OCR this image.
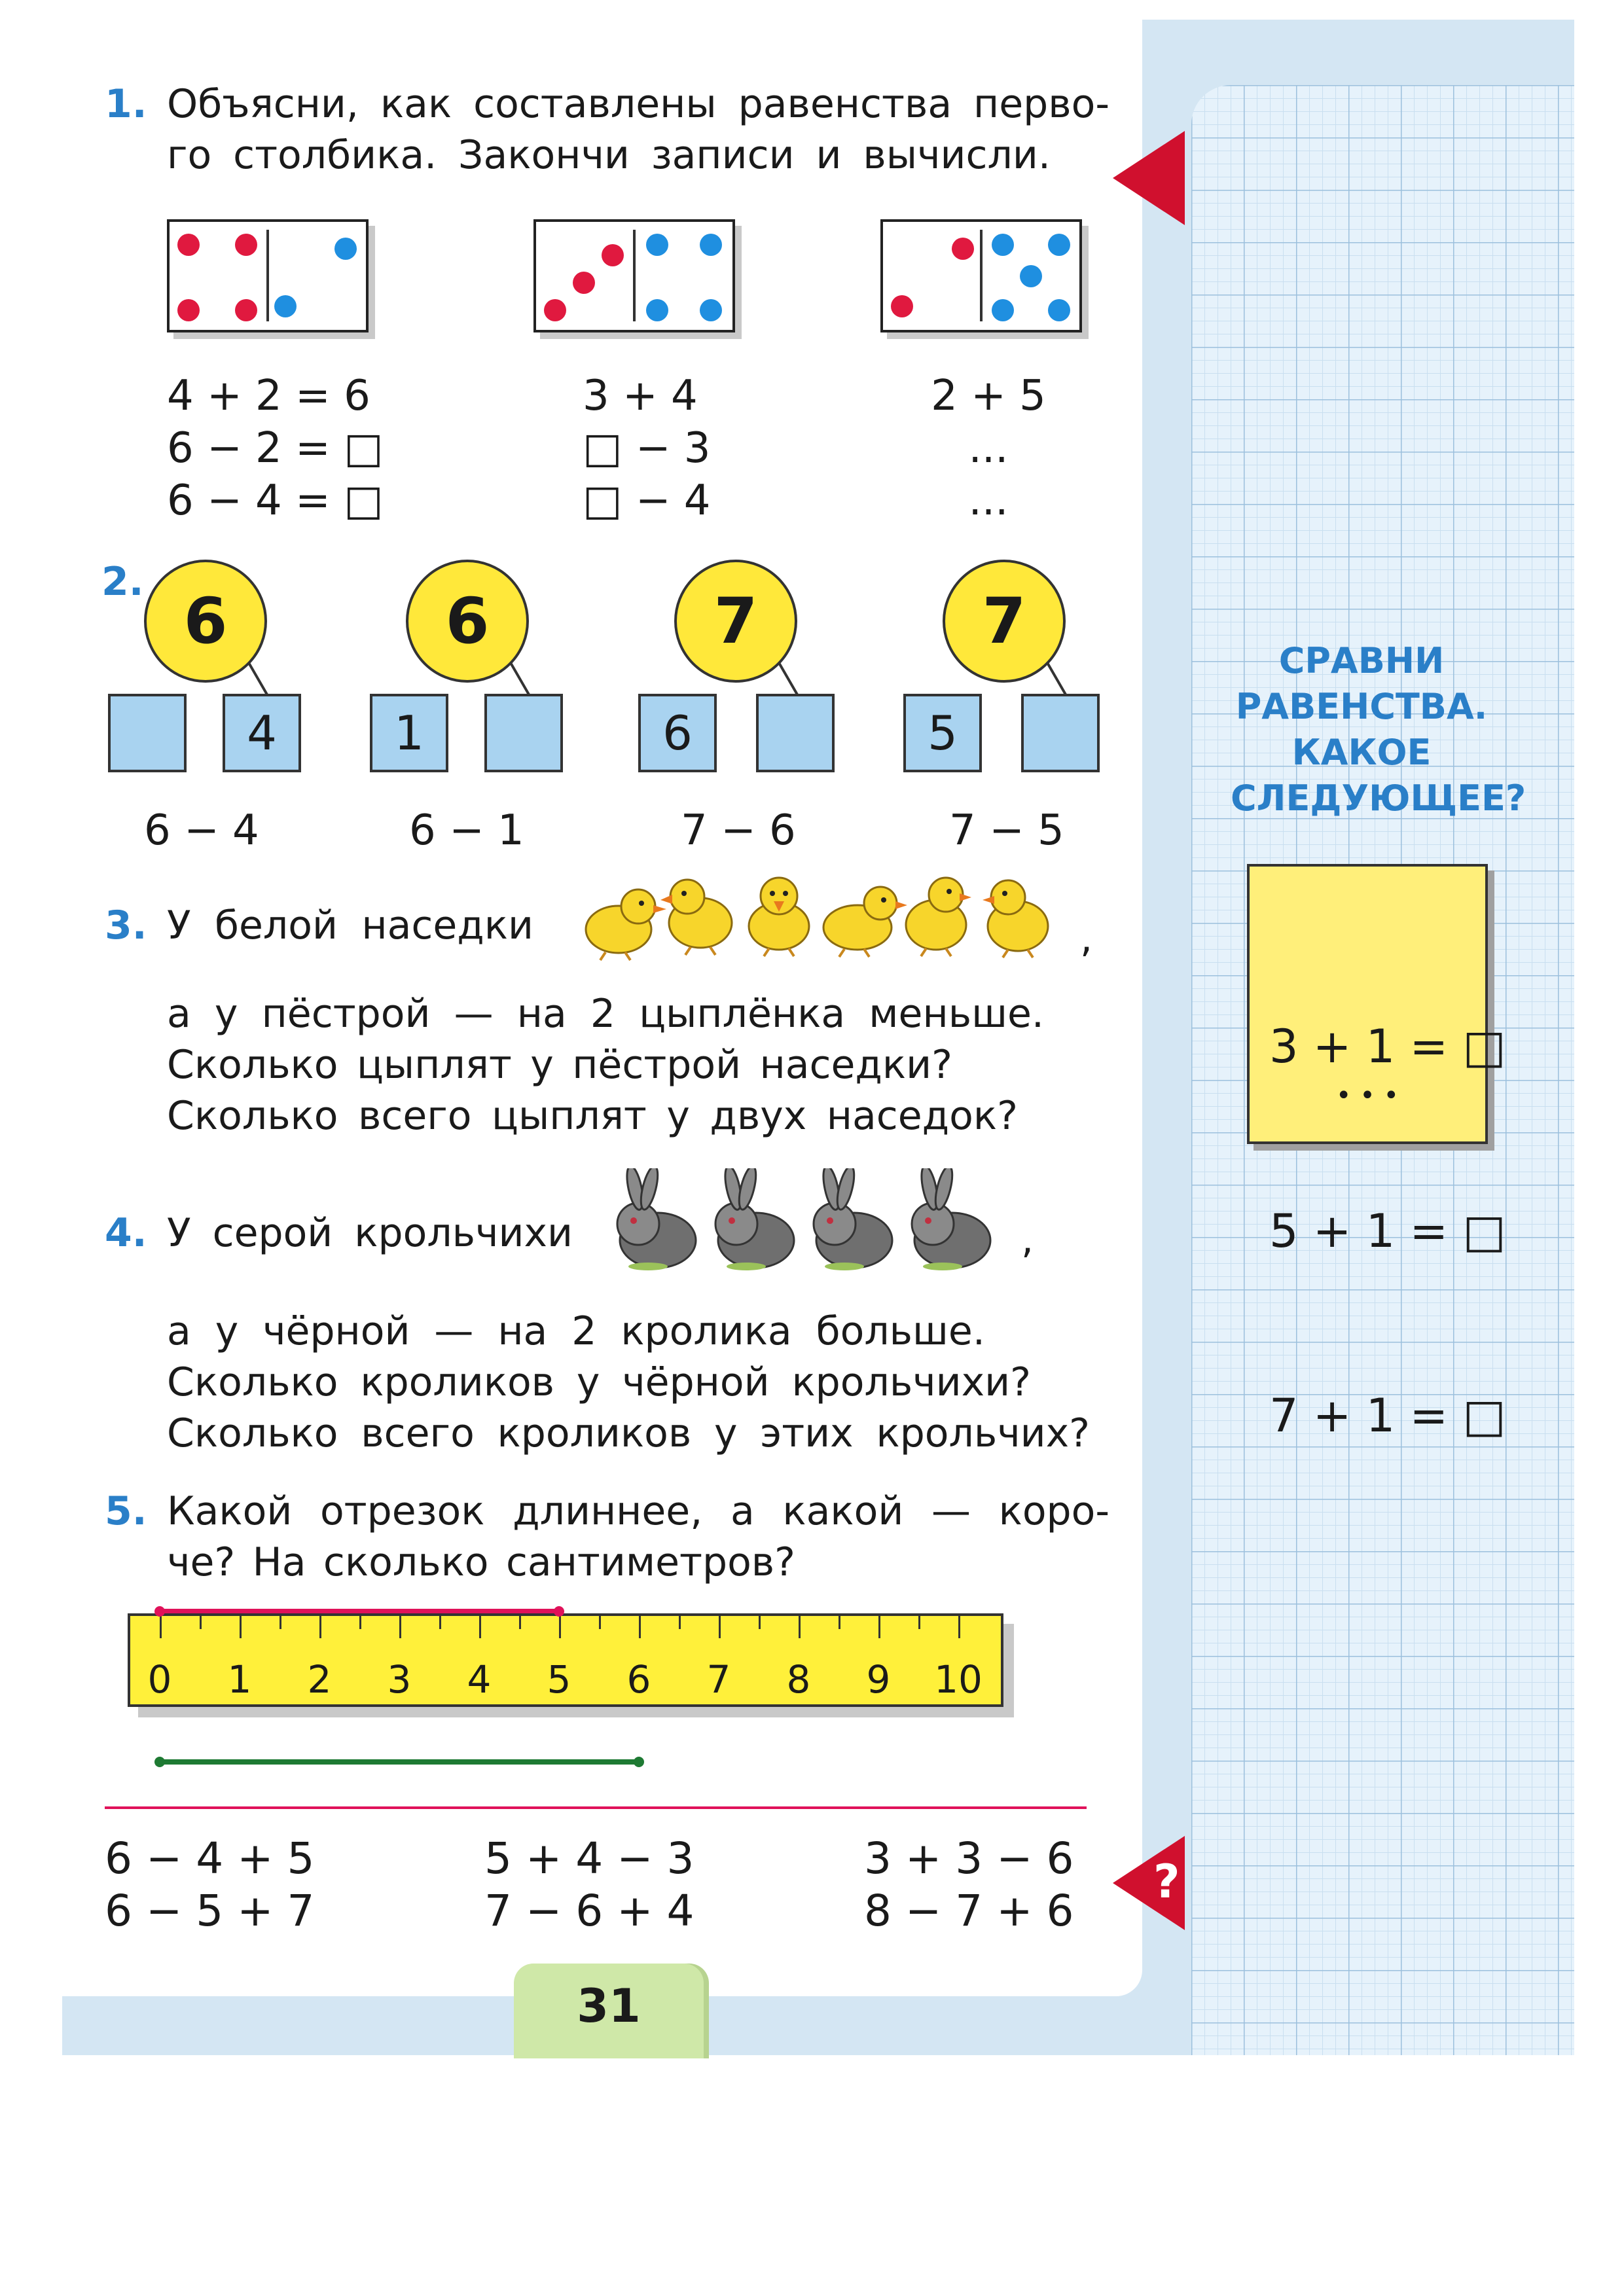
1. Объясни, как составлены равенства перво-
го столбика. Закончи записи и вычисли.
4 + 2 = 6
6 − 2 = □
6 − 4 = □
3 + 4
□ − 3
□ − 4
2 + 5
...
...
2.
6
4
6 − 4
6
1
6 − 1
7
6
7 − 6
7
5
7 − 5
3. У белой наседки	,
а у пёстрой — на 2 цыплёнка меньше.
Сколько цыплят у пёстрой наседки?
Сколько всего цыплят у двух наседок?
4. У серой крольчихи	,
а у чёрной — на 2 кролика больше.
Сколько кроликов у чёрной крольчихи?
Сколько всего кроликов у этих крольчих?
5. Какой отрезок длиннее, а какой — коро-
че? На сколько сантиметров?
0	1	2	3	4	5	6	7	8	9	10
6 − 4 + 5
6 − 5 + 7
5 + 4 − 3
7 − 6 + 4
3 + 3 − 6
8 − 7 + 6
?
31
СРАВНИ
РАВЕНСТВА.
КАКОЕ
СЛЕДУЮЩЕЕ?

3 + 1 = □

5 + 1 = □

7 + 1 = □

• • •
